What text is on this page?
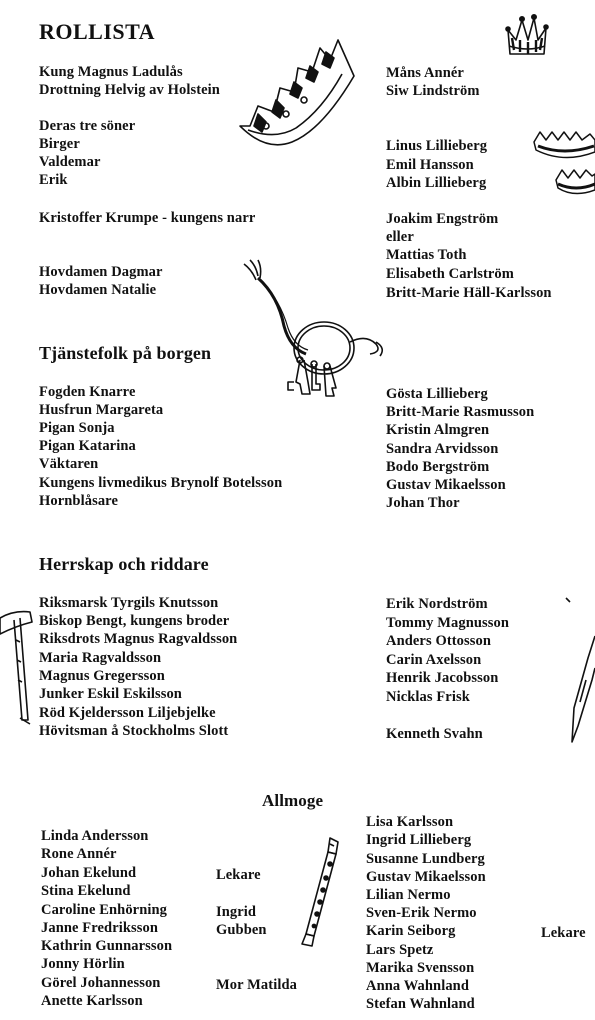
ROLLISTA
Kung Magnus Ladulås
Drottning Helvig av Holstein
Deras tre söner
Birger
Valdemar
Erik
Kristoffer Krumpe - kungens narr
Hovdamen Dagmar
Hovdamen Natalie
Måns Annér
Siw Lindström
Linus Lillieberg
Emil Hansson
Albin Lillieberg
Joakim Engström
eller
Mattias Toth
Elisabeth Carlström
Britt-Marie Häll-Karlsson
Tjänstefolk på borgen
Fogden Knarre
Husfrun Margareta
Pigan Sonja
Pigan Katarina
Väktaren
Kungens livmedikus Brynolf Botelsson
Hornblåsare
Gösta Lillieberg
Britt-Marie Rasmusson
Kristin Almgren
Sandra Arvidsson
Bodo Bergström
Gustav Mikaelsson
Johan Thor
Herrskap och riddare
Riksmarsk Tyrgils Knutsson
Biskop Bengt, kungens broder
Riksdrots Magnus Ragvaldsson
Maria Ragvaldsson
Magnus Gregersson
Junker Eskil Eskilsson
Röd Kjeldersson Liljebjelke
Hövitsman å Stockholms Slott
Erik Nordström
Tommy Magnusson
Anders Ottosson
Carin Axelsson
Henrik Jacobsson
Nicklas Frisk
Kenneth Svahn
Allmoge
Linda Andersson
Rone Annér
Johan Ekelund
Stina Ekelund
Caroline Enhörning
Janne Fredriksson
Kathrin Gunnarsson
Jonny Hörlin
Görel Johannesson
Anette Karlsson
Lekare
Ingrid
Gubben
Mor Matilda
Lisa Karlsson
Ingrid Lillieberg
Susanne Lundberg
Gustav Mikaelsson
Lilian Nermo
Sven-Erik Nermo
Karin Seiborg
Lars Spetz
Marika Svensson
Anna Wahnland
Stefan Wahnland
Lekare
